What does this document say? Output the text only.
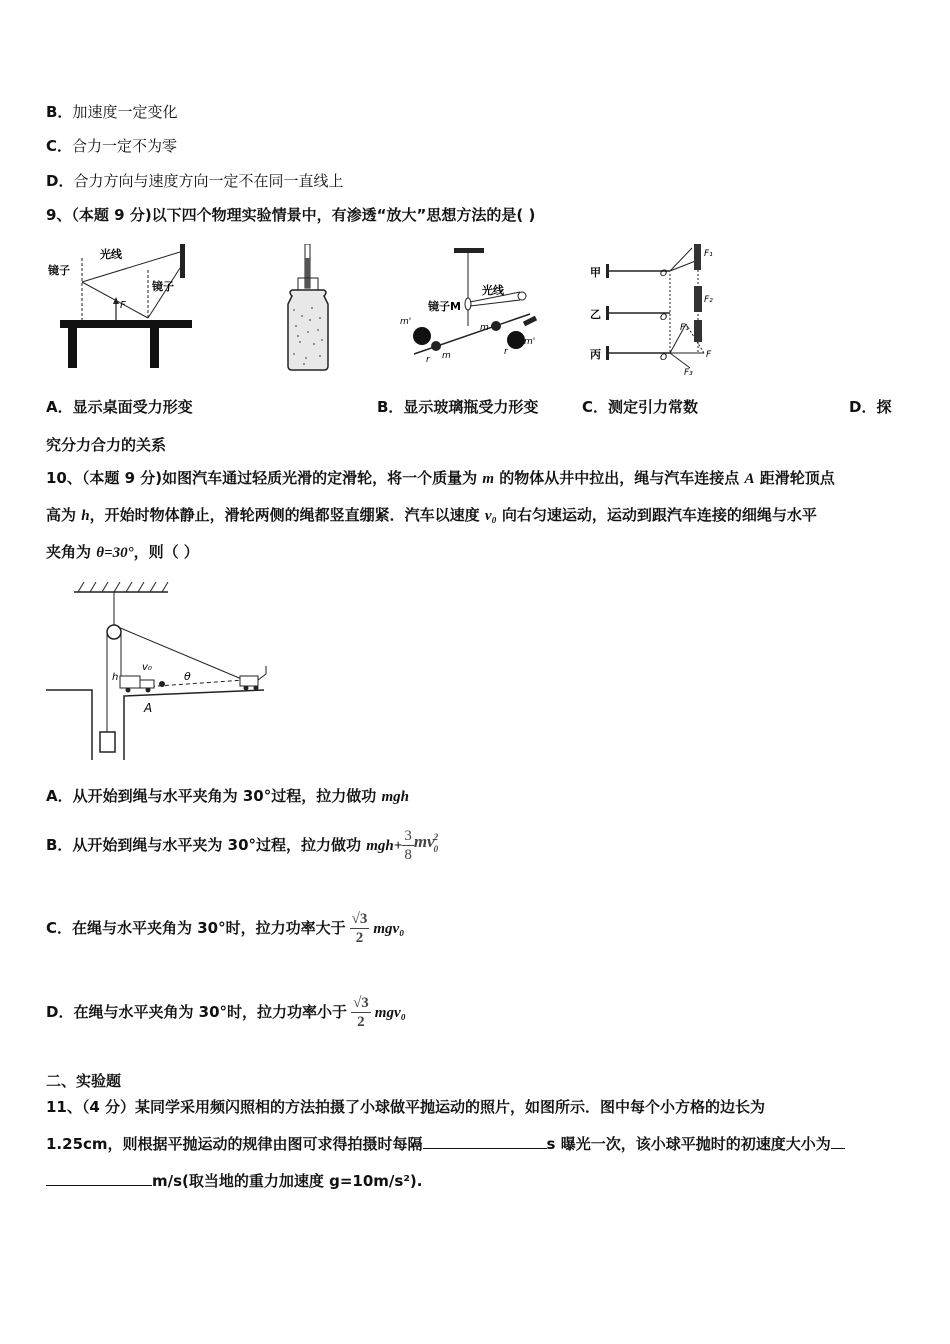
B．加速度一定变化
C．合力一定不为零
D．合力方向与速度方向一定不在同一直线上
9、（本题 9 分)以下四个物理实验情景中，有渗透“放大”思想方法的是( )
镜子
光线
F
镜子
镜子M
光线
m'
m
m
m'
r
r
甲
乙
丙
O
O
O
F₁
F₂
F₁
F
F₃
A．显示桌面受力形变	B．显示玻璃瓶受力形变	C．测定引力常数	D．探
究分力合力的关系
10、（本题 9 分)如图汽车通过轻质光滑的定滑轮，将一个质量为 m 的物体从井中拉出，绳与汽车连接点 A 距滑轮顶点
高为 h，开始时物体静止，滑轮两侧的绳都竖直绷紧．汽车以速度 v₀ 向右匀速运动，运动到跟汽车连接的细绳与水平
夹角为 θ=30°，则（ ）
h
v₀
θ
A
A．从开始到绳与水平夹角为 30°过程，拉力做功 mgh
B．从开始到绳与水平夹为 30°过程，拉力做功 $mgh+ \frac{3}{8}$ mv 2
0
C．在绳与水平夹角为 30°时，拉力功率大于 $\frac{√3}{2} mgv_0$
D．在绳与水平夹角为 30°时，拉力功率小于 $\frac{√3}{2} mgv_0$
二、实验题
11、（4 分）某同学采用频闪照相的方法拍摄了小球做平抛运动的照片，如图所示．图中每个小方格的边长为
1.25cm，则根据平抛运动的规律由图可求得拍摄时每隔	s 曝光一次，该小球平抛时的初速度大小为
m/s(取当地的重力加速度 g=10m/s²).
